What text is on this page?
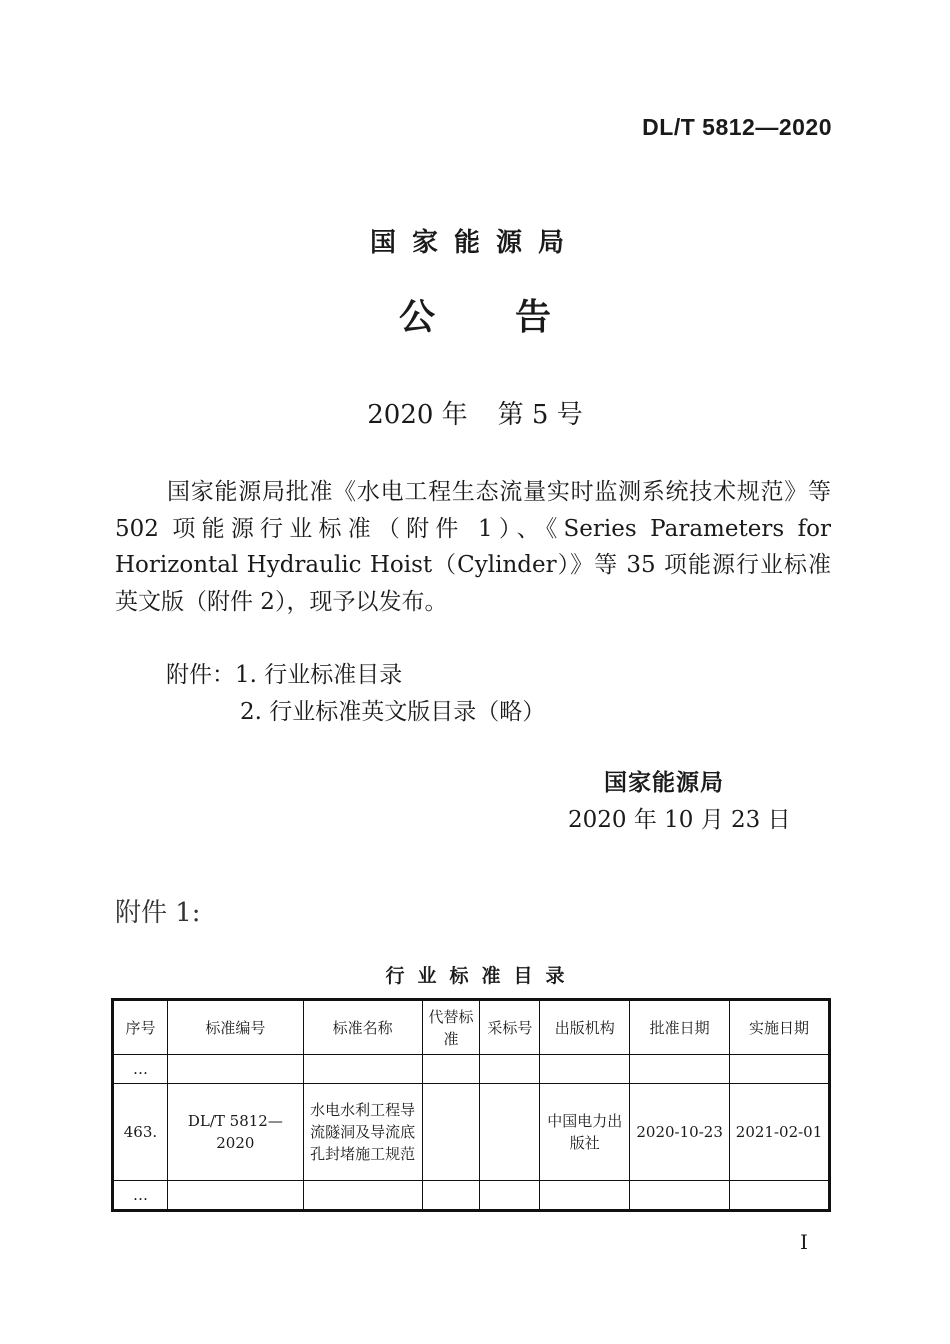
DL/T 5812—2020
国家能源局
公告
2020 年 第 5 号

国家能源局批准《水电工程生态流量实时监测系统技术规范》等 502 项能源行业标准（附件 1）、《Series Parameters for Horizontal Hydraulic Hoist（Cylinder）》等 35 项能源行业标准英文版（附件 2），现予以发布。

附件：1. 行业标准目录
2. 行业标准英文版目录（略）
国家能源局
2020 年 10 月 23 日
附件 1:
行业标准目录
序号	标准编号	标准名称	代替标准	采标号	出版机构	批准日期	实施日期
…							
463.	DL/T 5812—2020	水电水利工程导流隧洞及导流底孔封堵施工规范			中国电力出版社	2020-10-23	2021-02-01
…							
I
